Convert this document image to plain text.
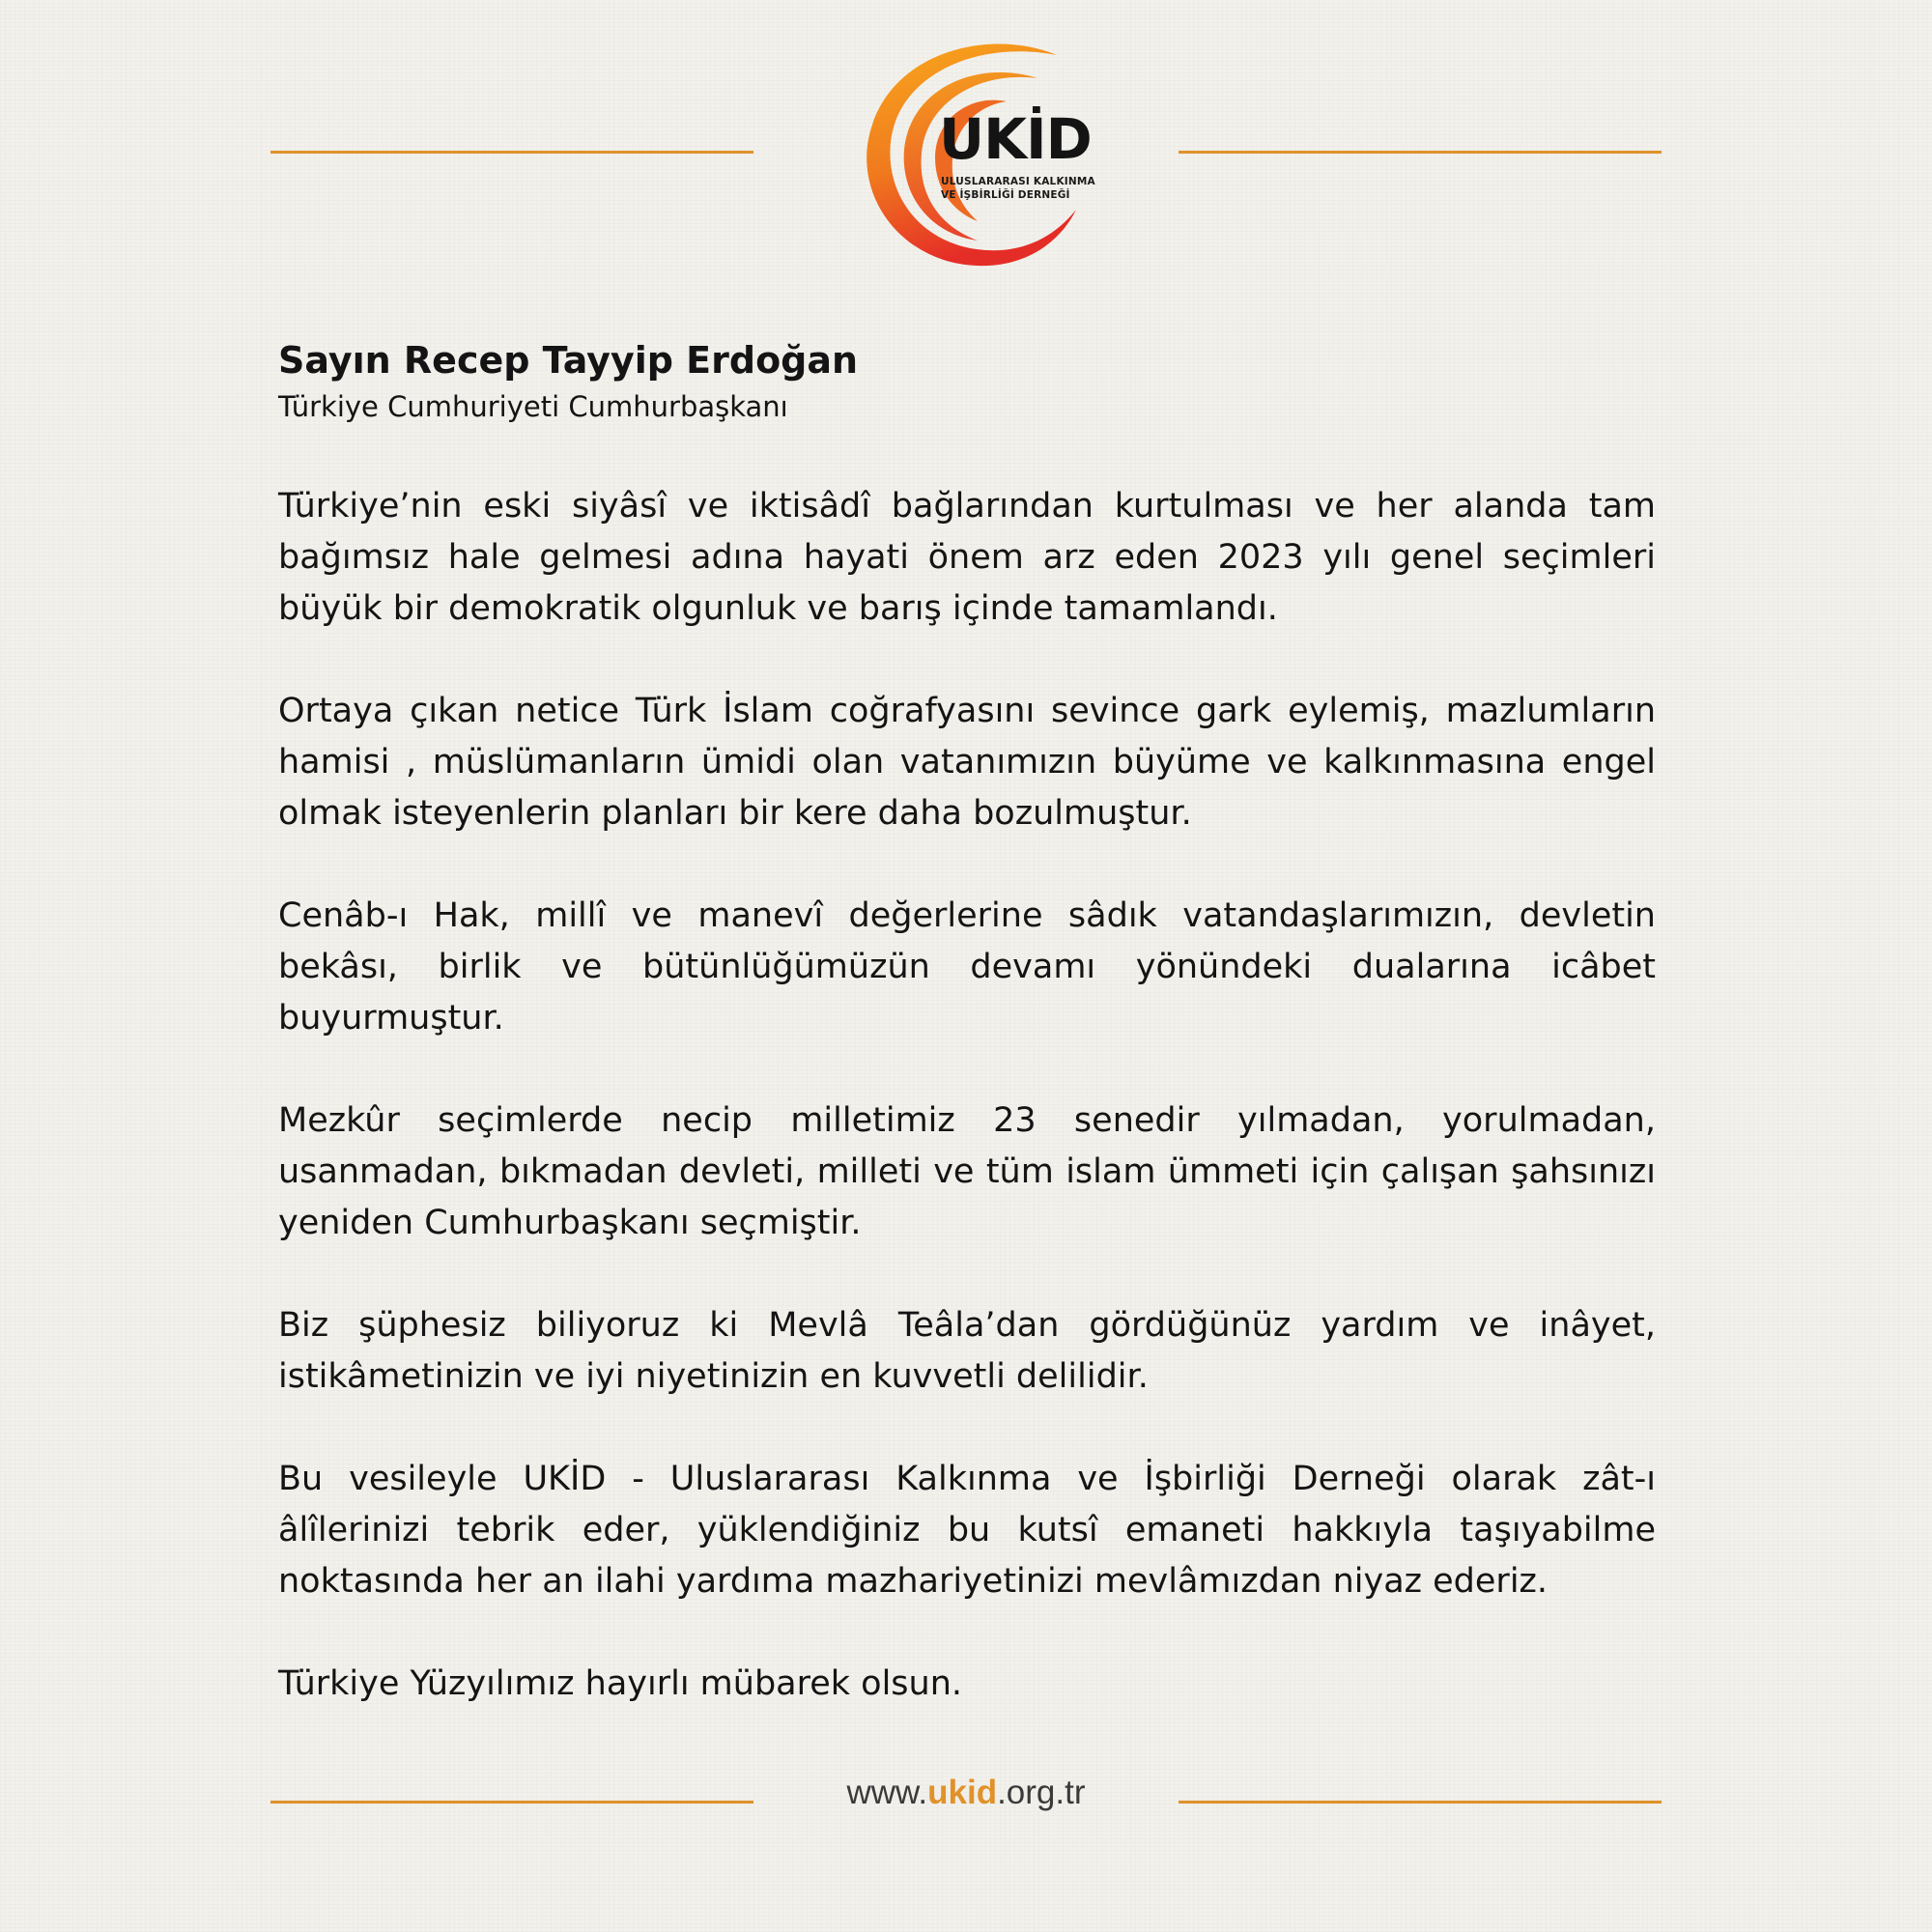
UKİD
ULUSLARARASI KALKINMA
VE İŞBİRLİĞİ DERNEĞİ

Sayın Recep Tayyip Erdoğan

Türkiye Cumhuriyeti Cumhurbaşkanı

Türkiye’nin eski siyâsî ve iktisâdî bağlarından kurtulması ve her alanda tam bağımsız hale gelmesi adına hayati önem arz eden 2023 yılı genel seçimleri büyük bir demokratik olgunluk ve barış içinde tamamlandı.

Ortaya çıkan netice Türk İslam coğrafyasını sevince gark eylemiş, mazlumların hamisi , müslümanların ümidi olan vatanımızın büyüme ve kalkınmasına engel olmak isteyenlerin planları bir kere daha bozulmuştur.

Cenâb-ı Hak, millî ve manevî değerlerine sâdık vatandaşlarımızın, devletin bekâsı, birlik ve bütünlüğümüzün devamı yönündeki dualarına icâbet buyurmuştur.

Mezkûr seçimlerde necip milletimiz 23 senedir yılmadan, yorulmadan, usanmadan, bıkmadan devleti, milleti ve tüm islam ümmeti için çalışan şahsınızı yeniden Cumhurbaşkanı seçmiştir.

Biz şüphesiz biliyoruz ki Mevlâ Teâla’dan gördüğünüz yardım ve inâyet, istikâmetinizin ve iyi niyetinizin en kuvvetli delilidir.

Bu vesileyle UKİD - Uluslararası Kalkınma ve İşbirliği Derneği olarak zât-ı âlîlerinizi tebrik eder, yüklendiğiniz bu kutsî emaneti hakkıyla taşıyabilme noktasında her an ilahi yardıma mazhariyetinizi mevlâmızdan niyaz ederiz.

Türkiye Yüzyılımız hayırlı mübarek olsun.

www.ukid.org.tr
